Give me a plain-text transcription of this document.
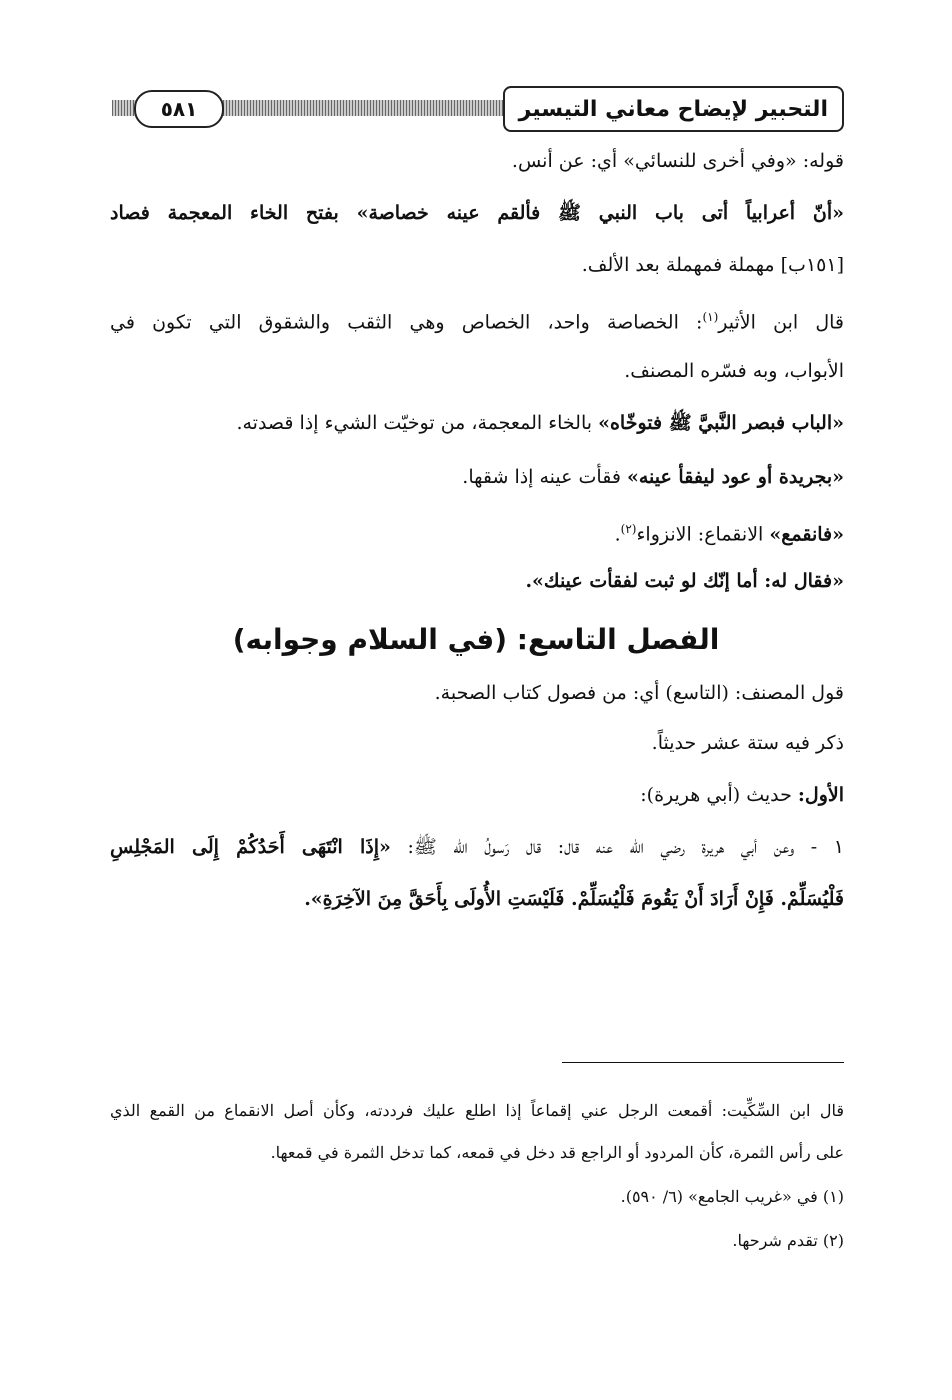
التحبير لإيضاح معاني التيسير
٥٨١
قوله: «وفي أخرى للنسائي» أي: عن أنس.
«أنّ أعرابياً أتى باب النبي ﷺ فألقم عينه خصاصة» بفتح الخاء المعجمة فصاد
[١٥١ب] مهملة فمهملة بعد الألف.
قال ابن الأثير$^{(١)}$: الخصاصة واحد، الخصاص وهي الثقب والشقوق التي تكون في
الأبواب، وبه فسّره المصنف.
«الباب فبصر النَّبيَّ ﷺ فتوخّاه» بالخاء المعجمة، من توخيّت الشيء إذا قصدته.
«بجريدة أو عود ليفقأ عينه» فقأت عينه إذا شقها.
«فانقمع» الانقماع: الانزواء$^{(٢)}$.
«فقال له: أما إنّك لو ثبت لفقأت عينك».
الفصل التاسع: (في السلام وجوابه)
قول المصنف: (التاسع) أي: من فصول كتاب الصحبة.
ذكر فيه ستة عشر حديثاً.
الأول: حديث (أبي هريرة):
١ - وعن أبي هريرة رضي الله عنه قال: قال رَسولُ الله ﷺ: «إِذَا انْتَهَى أَحَدُكُمْ إِلَى المَجْلِسِ
فَلْيُسَلِّمْ. فَإِنْ أَرَادَ أَنْ يَقُومَ فَلْيُسَلِّمْ. فَلَيْسَتِ الأُولَى بِأَحَقَّ مِنَ الآخِرَةِ».
قال ابن السِّكِّيت: أقمعت الرجل عني إقماعاً إذا اطلع عليك فرددته، وكأن أصل الانقماع من القمع الذي
على رأس الثمرة، كأن المردود أو الراجع قد دخل في قمعه، كما تدخل الثمرة في قمعها.
(١) في «غريب الجامع» (٦/ ٥٩٠).
(٢) تقدم شرحها.
